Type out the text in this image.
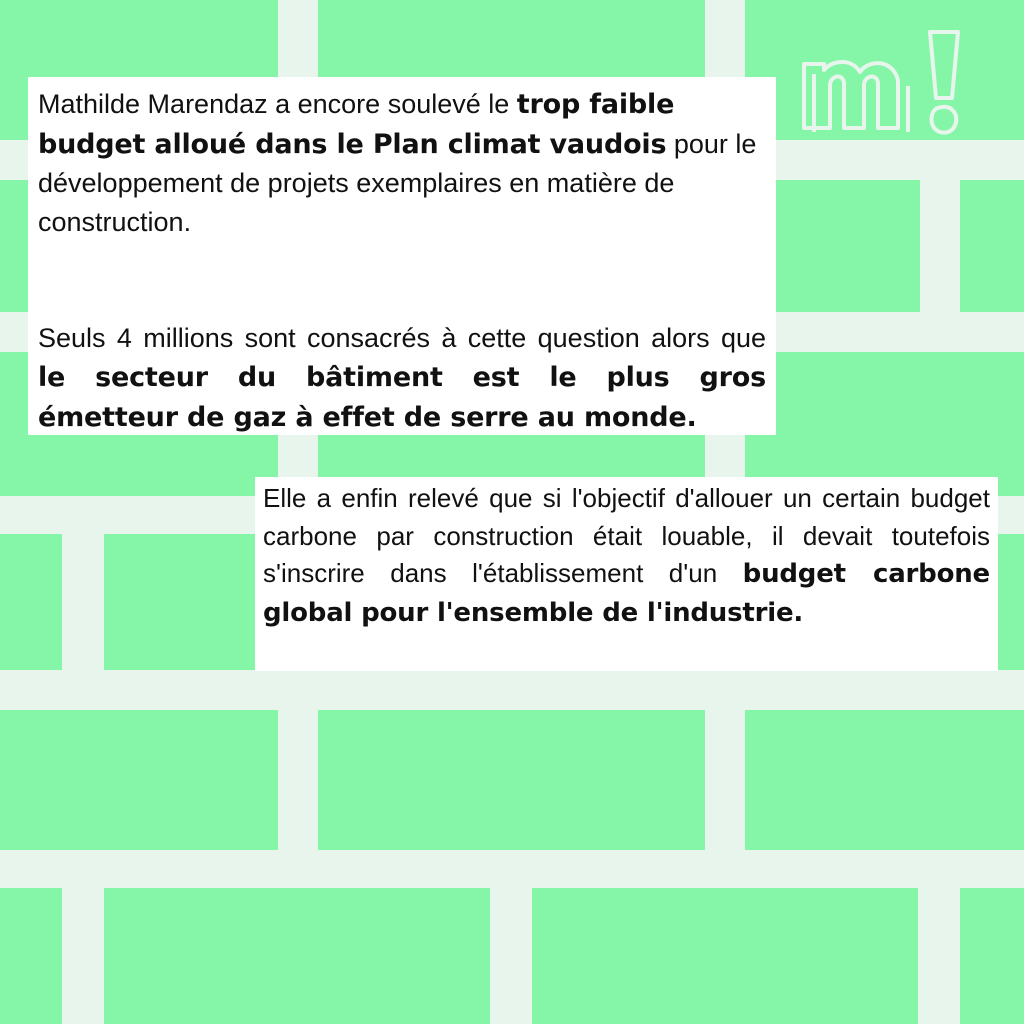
Mathilde Marendaz a encore soulevé le trop faible budget alloué dans le Plan climat vaudois pour le développement de projets exemplaires en matière de construction.

Seuls 4 millions sont consacrés à cette question alors que le secteur du bâtiment est le plus gros émetteur de gaz à effet de serre au monde.

Elle a enfin relevé que si l'objectif d'allouer un certain budget carbone par construction était louable, il devait toutefois s'inscrire dans l'établissement d'un budget carbone global pour l'ensemble de l'industrie.
